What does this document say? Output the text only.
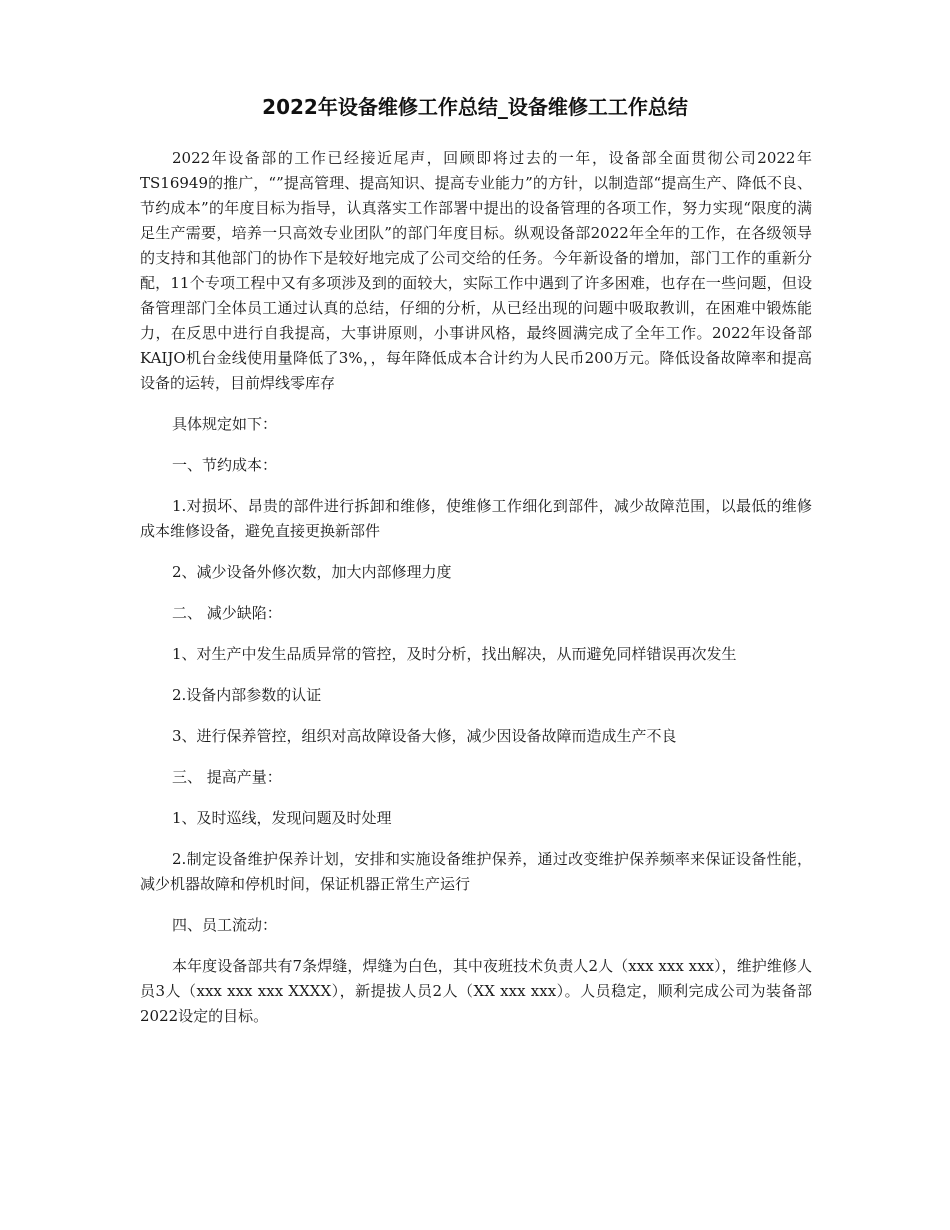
2022年设备维修工作总结_设备维修工工作总结

2022年设备部的工作已经接近尾声，回顾即将过去的一年，设备部全面贯彻公司2022年TS16949的推广，“”提高管理、提高知识、提高专业能力”的方针，以制造部“提高生产、降低不良、节约成本”的年度目标为指导，认真落实工作部署中提出的设备管理的各项工作，努力实现“限度的满足生产需要，培养一只高效专业团队”的部门年度目标。纵观设备部2022年全年的工作，在各级领导的支持和其他部门的协作下是较好地完成了公司交给的任务。今年新设备的增加，部门工作的重新分配，11个专项工程中又有多项涉及到的面较大，实际工作中遇到了许多困难，也存在一些问题，但设备管理部门全体员工通过认真的总结，仔细的分析，从已经出现的问题中吸取教训，在困难中锻炼能力，在反思中进行自我提高，大事讲原则，小事讲风格，最终圆满完成了全年工作。2022年设备部KAIJO机台金线使用量降低了3%，，每年降低成本合计约为人民币200万元。降低设备故障率和提高设备的运转，目前焊线零库存

具体规定如下：

一、节约成本：

1.对损坏、昂贵的部件进行拆卸和维修，使维修工作细化到部件，减少故障范围，以最低的维修成本维修设备，避免直接更换新部件

2、减少设备外修次数，加大内部修理力度

二、 减少缺陷：

1、对生产中发生品质异常的管控，及时分析，找出解决，从而避免同样错误再次发生

2.设备内部参数的认证

3、进行保养管控，组织对高故障设备大修，减少因设备故障而造成生产不良

三、 提高产量：

1、及时巡线，发现问题及时处理

2.制定设备维护保养计划，安排和实施设备维护保养，通过改变维护保养频率来保证设备性能，减少机器故障和停机时间，保证机器正常生产运行

四、员工流动：

本年度设备部共有7条焊缝，焊缝为白色，其中夜班技术负责人2人（xxx xxx xxx），维护维修人员3人（xxx xxx xxx XXXX），新提拔人员2人（XX xxx xxx）。人员稳定，顺利完成公司为装备部2022设定的目标。
